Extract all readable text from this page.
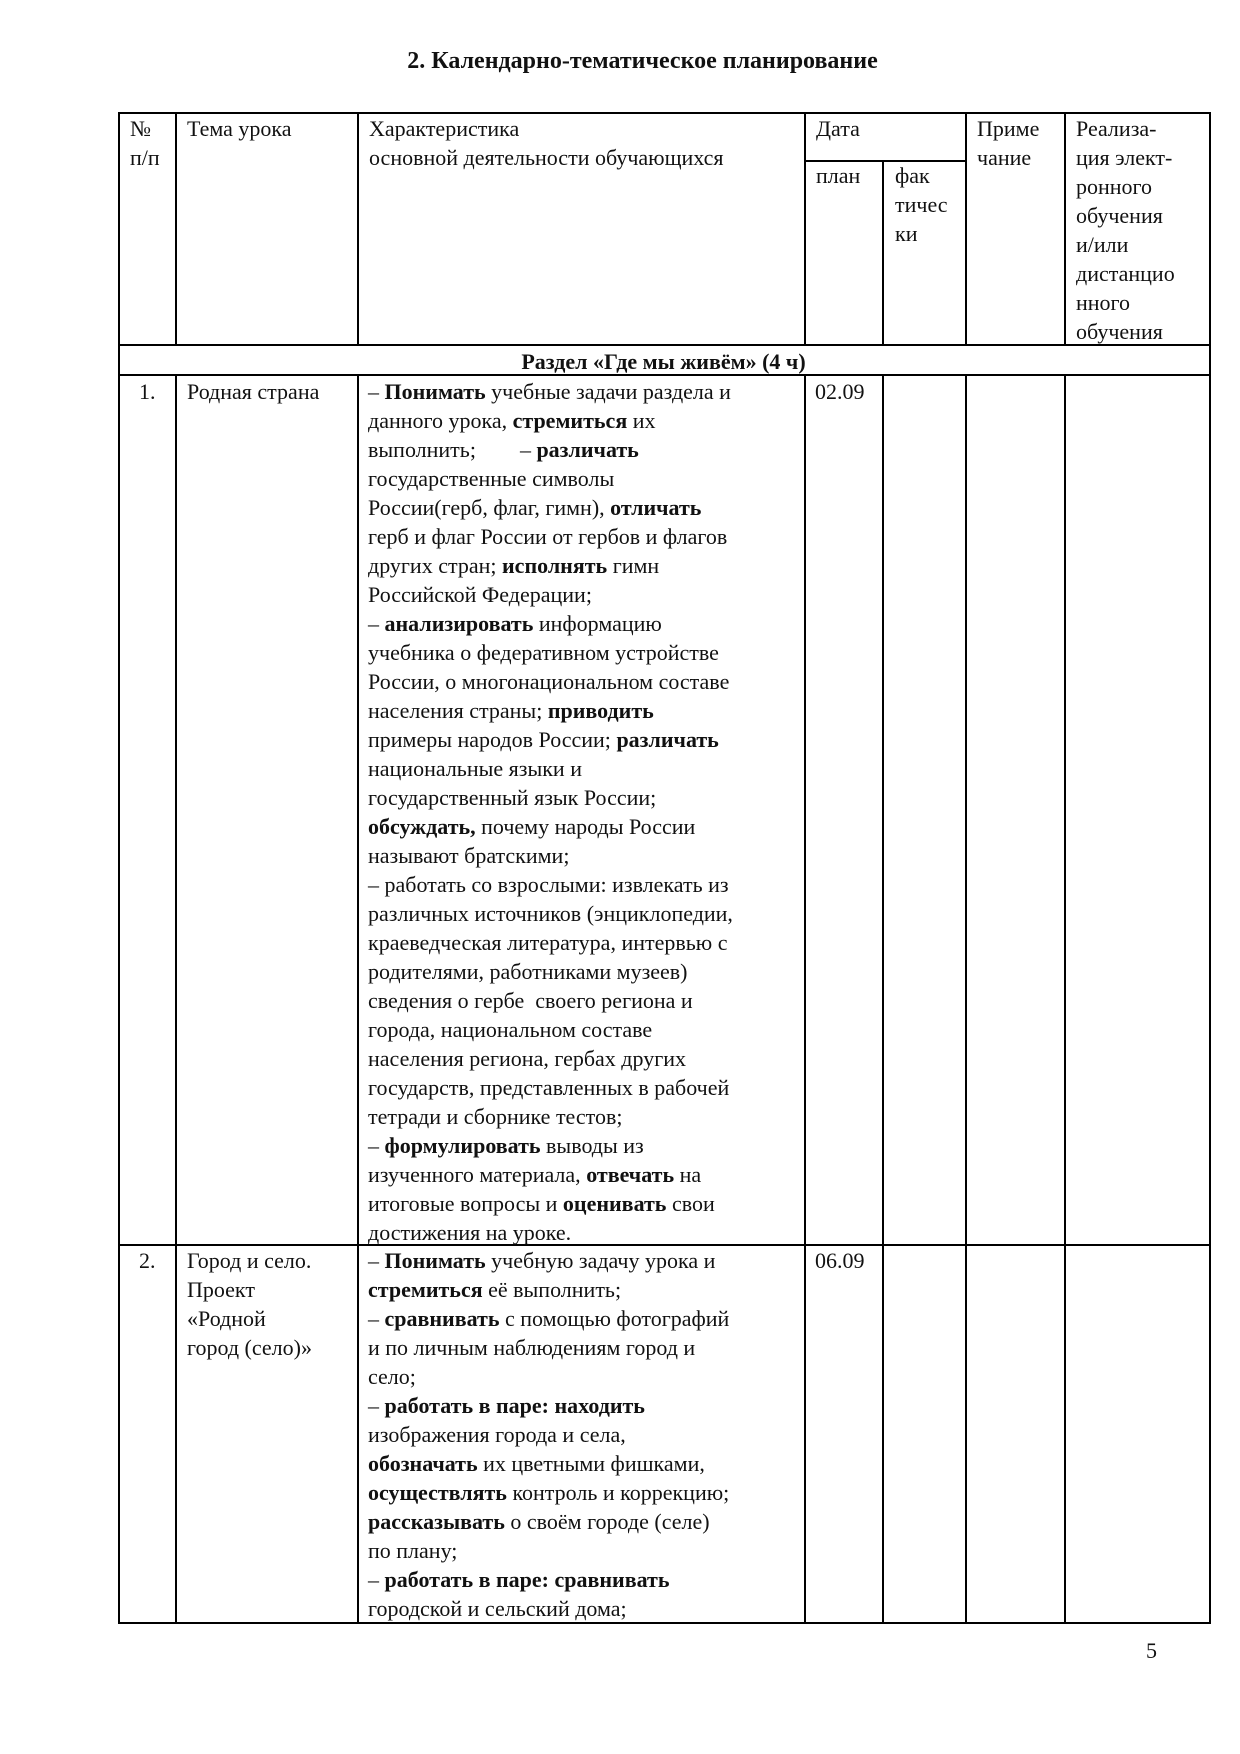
2. Календарно-тематическое планирование
№
п/п
Тема урока	Характеристика
основной деятельности обучающихся
Дата
план фак
тичес
ки
Приме
чание
Реализа-
ция элект-
ронного
обучения
и/или
дистанцио
нного
обучения
Раздел «Где мы живём» (4 ч)
1. Родная страна – Понимать учебные задачи раздела и
данного урока, стремиться их
выполнить;        – различать
государственные символы
России(герб, флаг, гимн), отличать
герб и флаг России от гербов и флагов
других стран; исполнять гимн
Российской Федерации;
– анализировать информацию
учебника о федеративном устройстве
России, о многонациональном составе
населения страны; приводить
примеры народов России; различать
национальные языки и
государственный язык России;
обсуждать, почему народы России
называют братскими;
– работать со взрослыми: извлекать из
различных источников (энциклопедии,
краеведческая литература, интервью с
родителями, работниками музеев)
сведения о гербе  своего региона и
города, национальном составе
населения региона, гербах других
государств, представленных в рабочей
тетради и сборнике тестов;
– формулировать выводы из
изученного материала, отвечать на
итоговые вопросы и оценивать свои
достижения на уроке.
02.09
2. Город и село.
Проект
«Родной
город (село)»
– Понимать учебную задачу урока и
стремиться её выполнить;
– сравнивать с помощью фотографий
и по личным наблюдениям город и
село;
– работать в паре: находить
изображения города и села,
обозначать их цветными фишками,
осуществлять контроль и коррекцию;
рассказывать о своём городе (селе)
по плану;
– работать в паре: сравнивать
городской и сельский дома;
06.09
5
